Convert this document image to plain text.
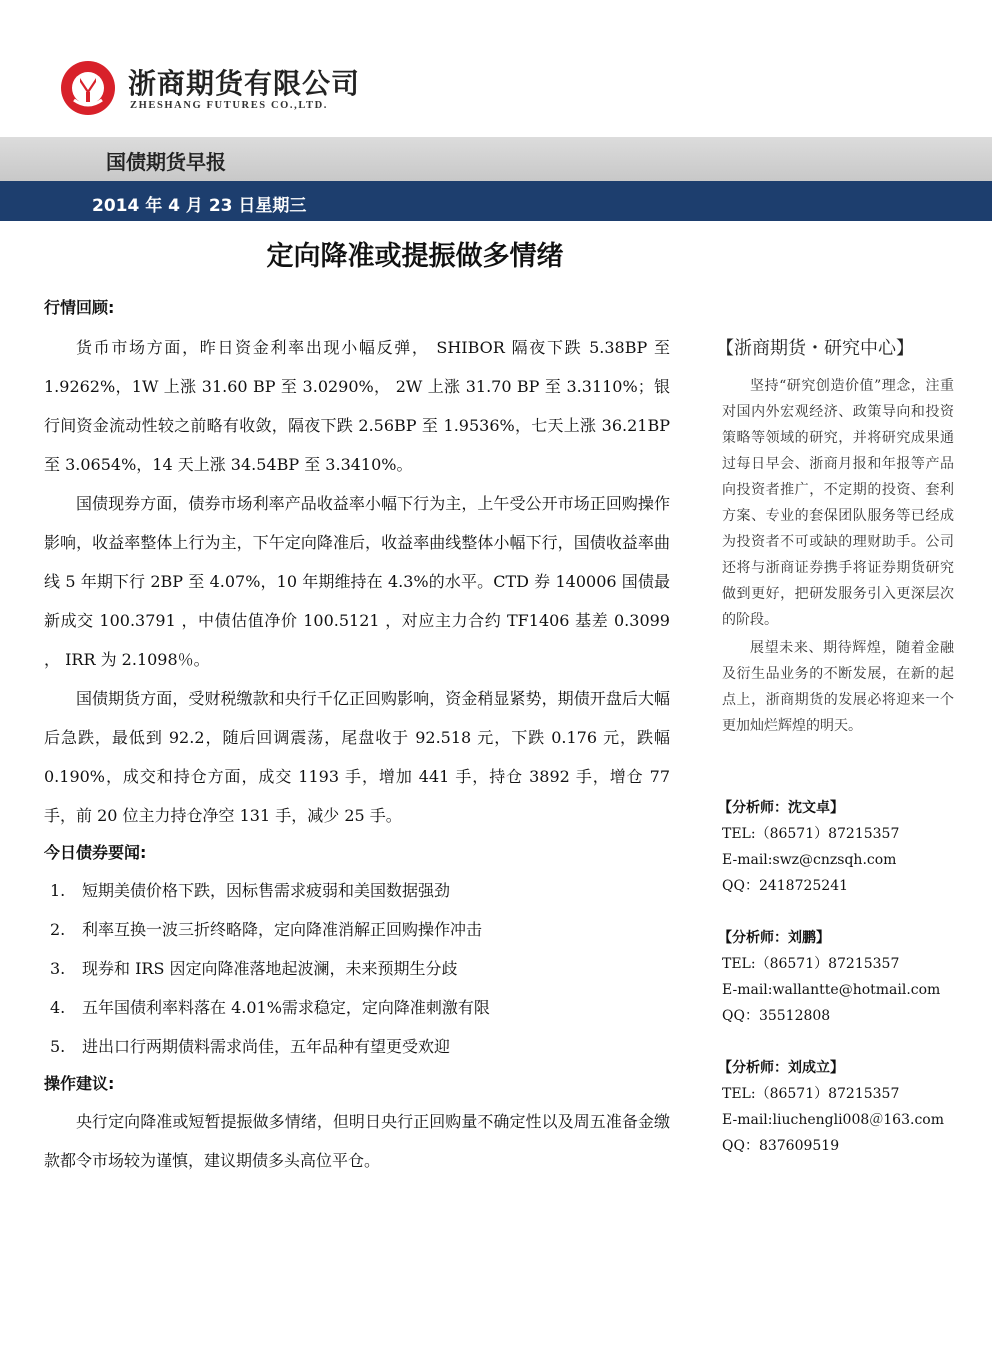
浙商期货有限公司
ZHESHANG FUTURES CO.,LTD.
国债期货早报
2014 年 4 月 23 日星期三
定向降准或提振做多情绪

行情回顾:

货币市场方面，昨日资金利率出现小幅反弹， SHIBOR 隔夜下跌 5.38BP 至 1.9262%，1W 上涨 31.60 BP 至 3.0290%， 2W 上涨 31.70 BP 至 3.3110%；银行间资金流动性较之前略有收敛，隔夜下跌 2.56BP 至 1.9536%，七天上涨 36.21BP 至 3.0654%，14 天上涨 34.54BP 至 3.3410%。

国债现券方面，债券市场利率产品收益率小幅下行为主，上午受公开市场正回购操作影响，收益率整体上行为主，下午定向降准后，收益率曲线整体小幅下行，国债收益率曲线 5 年期下行 2BP 至 4.07%，10 年期维持在 4.3%的水平。CTD 券 140006 国债最新成交 100.3791 ，中债估值净价 100.5121 ，对应主力合约 TF1406 基差 0.3099 ， IRR 为 2.1098％。

国债期货方面，受财税缴款和央行千亿正回购影响，资金稍显紧势，期债开盘后大幅后急跌，最低到 92.2，随后回调震荡，尾盘收于 92.518 元，下跌 0.176 元，跌幅 0.190%，成交和持仓方面，成交 1193 手，增加 441 手，持仓 3892 手，增仓 77 手，前 20 位主力持仓净空 131 手，减少 25 手。

今日债券要闻:

1. 短期美债价格下跌，因标售需求疲弱和美国数据强劲
2. 利率互换一波三折终略降，定向降准消解正回购操作冲击
3. 现券和 IRS 因定向降准落地起波澜，未来预期生分歧
4. 五年国债利率料落在 4.01%需求稳定，定向降准刺激有限
5. 进出口行两期债料需求尚佳，五年品种有望更受欢迎

操作建议:

央行定向降准或短暂提振做多情绪，但明日央行正回购量不确定性以及周五准备金缴款都令市场较为谨慎，建议期债多头高位平仓。

【浙商期货・研究中心】

坚持“研究创造价值”理念，注重对国内外宏观经济、政策导向和投资策略等领域的研究，并将研究成果通过每日早会、浙商月报和年报等产品向投资者推广，不定期的投资、套利方案、专业的套保团队服务等已经成为投资者不可或缺的理财助手。公司还将与浙商证券携手将证券期货研究做到更好，把研发服务引入更深层次的阶段。

展望未来、期待辉煌，随着金融及衍生品业务的不断发展，在新的起点上，浙商期货的发展必将迎来一个更加灿烂辉煌的明天。

【分析师：沈文卓】

TEL:（86571）87215357

E-mail:swz@cnzsqh.com

QQ：2418725241

【分析师：刘鹏】

TEL:（86571）87215357

E-mail:wallantte@hotmail.com

QQ：35512808

【分析师：刘成立】

TEL:（86571）87215357

E-mail:liuchengli008＠163.com

QQ：837609519
